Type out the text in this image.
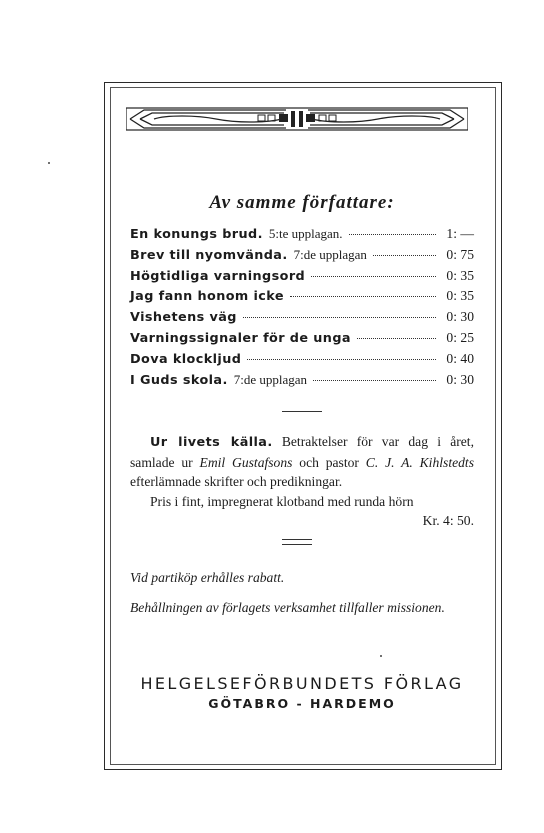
Av samme författare:
En konungs brud. 5:te upplagan.	1: —
Brev till nyomvända. 7:de upplagan	0: 75
Högtidliga varningsord	0: 35
Jag fann honom icke	0: 35
Vishetens väg	0: 30
Varningssignaler för de unga	0: 25
Dova klockljud	0: 40
I Guds skola. 7:de upplagan	0: 30

Ur livets källa. Betraktelser för var dag i året, samlade ur Emil Gustafsons och pastor C. J. A. Kihlstedts efterlämnade skrifter och predikningar.

Pris i fint, impregnerat klotband med runda hörn

Kr. 4: 50.

Vid partiköp erhålles rabatt.
Behållningen av förlagets verksamhet tillfaller missionen.
HELGELSEFÖRBUNDETS FÖRLAG
GÖTABRO - HARDEMO
